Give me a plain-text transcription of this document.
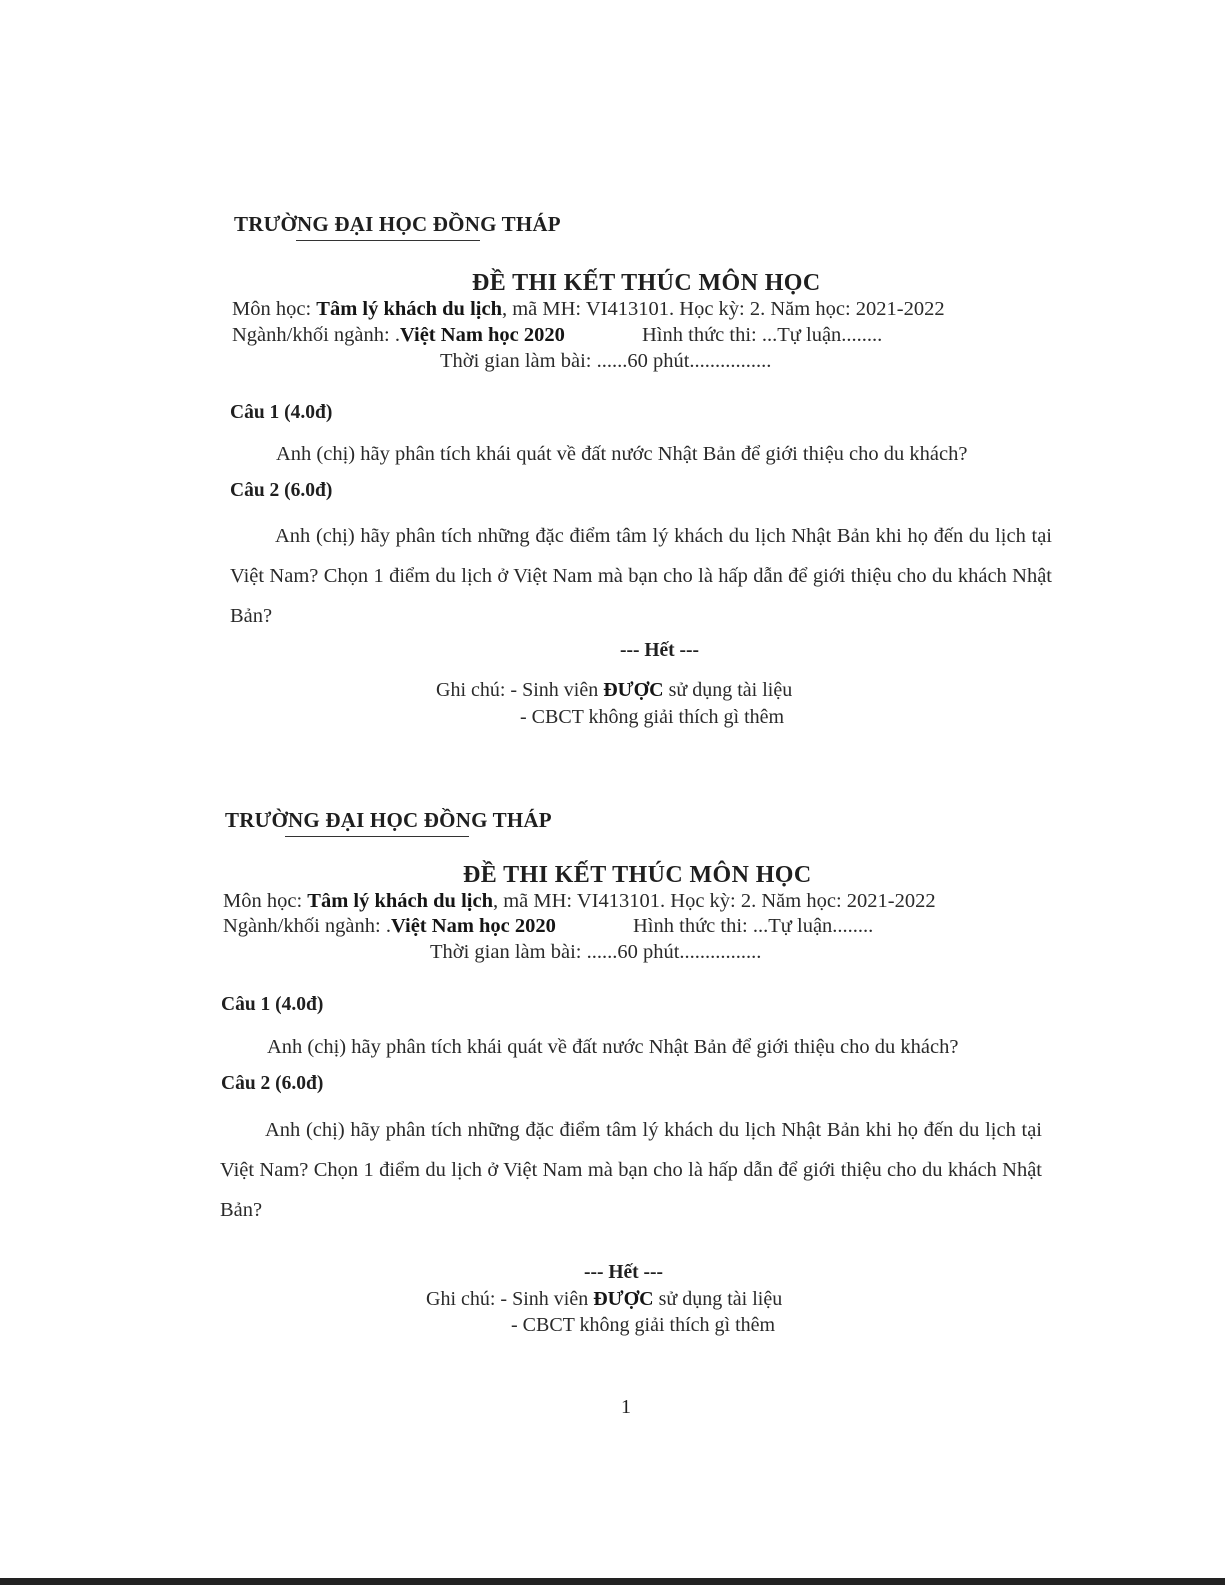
TRƯỜNG ĐẠI HỌC ĐỒNG THÁP
ĐỀ THI KẾT THÚC MÔN HỌC
Môn học: Tâm lý khách du lịch, mã MH: VI413101. Học kỳ: 2. Năm học: 2021-2022
Ngành/khối ngành: .Việt Nam học 2020	Hình thức thi: ...Tự luận........
Thời gian làm bài: ......60 phút................
Câu 1 (4.0đ)
Anh (chị) hãy phân tích khái quát về đất nước Nhật Bản để giới thiệu cho du khách?
Câu 2 (6.0đ)
Anh (chị) hãy phân tích những đặc điểm tâm lý khách du lịch Nhật Bản khi họ đến du lịch tại Việt Nam? Chọn 1 điểm du lịch ở Việt Nam mà bạn cho là hấp dẫn để giới thiệu cho du khách Nhật Bản?
--- Hết ---
Ghi chú: - Sinh viên ĐƯỢC sử dụng tài liệu
- CBCT không giải thích gì thêm
TRƯỜNG ĐẠI HỌC ĐỒNG THÁP
ĐỀ THI KẾT THÚC MÔN HỌC
Môn học: Tâm lý khách du lịch, mã MH: VI413101. Học kỳ: 2. Năm học: 2021-2022
Ngành/khối ngành: .Việt Nam học 2020	Hình thức thi: ...Tự luận........
Thời gian làm bài: ......60 phút................
Câu 1 (4.0đ)
Anh (chị) hãy phân tích khái quát về đất nước Nhật Bản để giới thiệu cho du khách?
Câu 2 (6.0đ)
Anh (chị) hãy phân tích những đặc điểm tâm lý khách du lịch Nhật Bản khi họ đến du lịch tại Việt Nam? Chọn 1 điểm du lịch ở Việt Nam mà bạn cho là hấp dẫn để giới thiệu cho du khách Nhật Bản?
--- Hết ---
Ghi chú: - Sinh viên ĐƯỢC sử dụng tài liệu
- CBCT không giải thích gì thêm
1
